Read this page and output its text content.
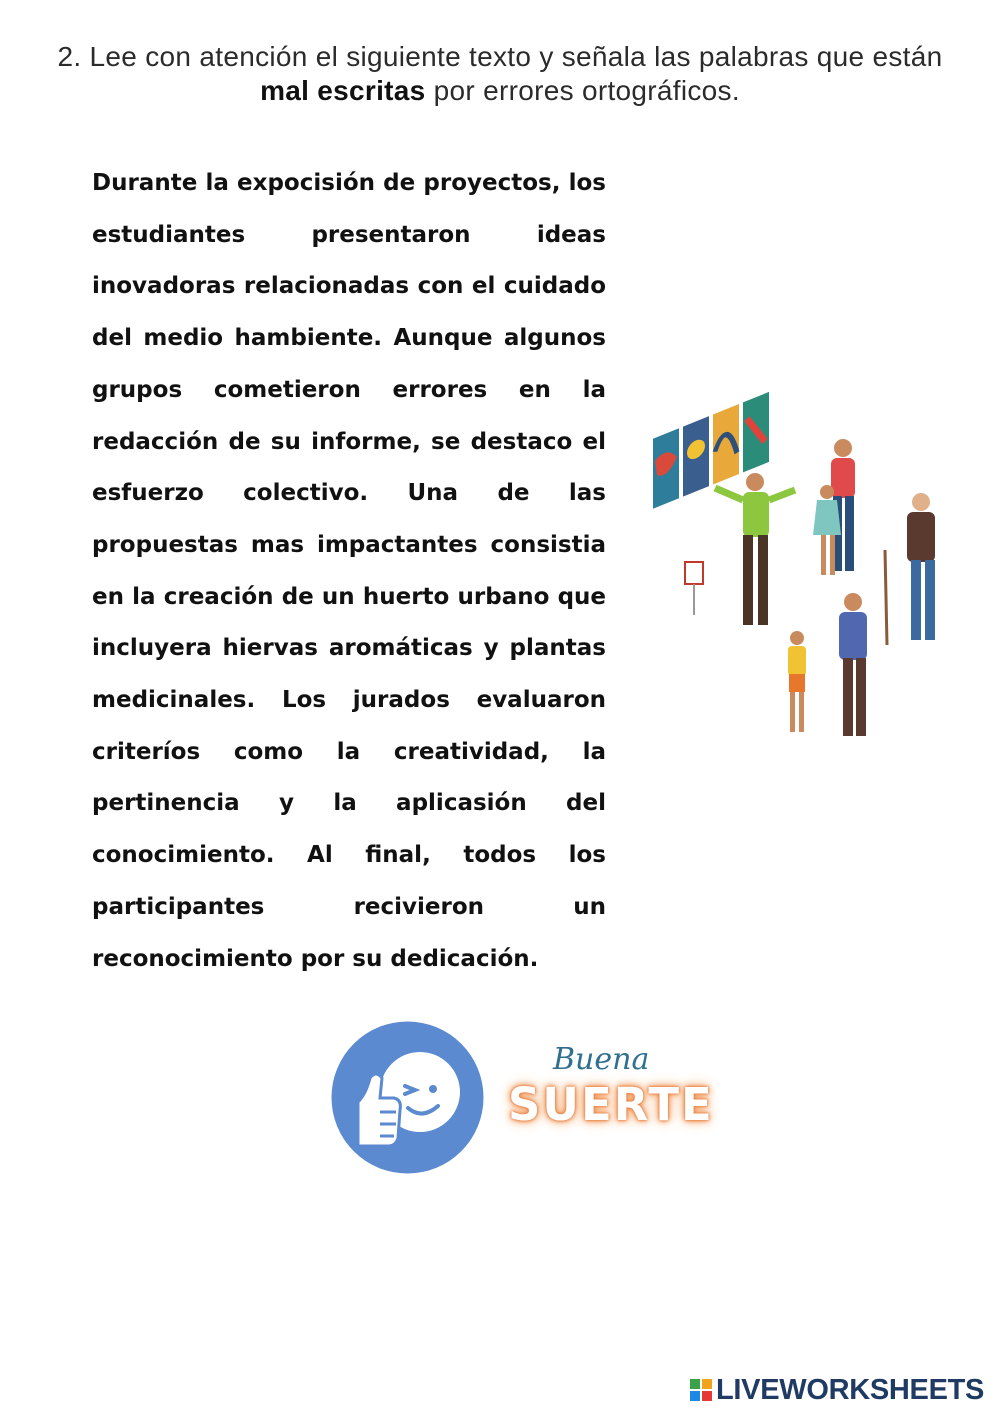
2. Lee con atención el siguiente texto y señala las palabras que están mal escritas por errores ortográficos.
Durante la expocisión de proyectos, los estudiantes presentaron ideas inovadoras relacionadas con el cuidado del medio hambiente. Aunque algunos grupos cometieron errores en la redacción de su informe, se destaco el esfuerzo colectivo. Una de las propuestas mas impactantes consistia en la creación de un huerto urbano que incluyera hiervas aromáticas y plantas medicinales. Los jurados evaluaron criteríos como la creatividad, la pertinencia y la aplicasión del conocimiento. Al final, todos los participantes recivieron un reconocimiento por su dedicación.
Buena
SUERTE
LIVEWORKSHEETS
